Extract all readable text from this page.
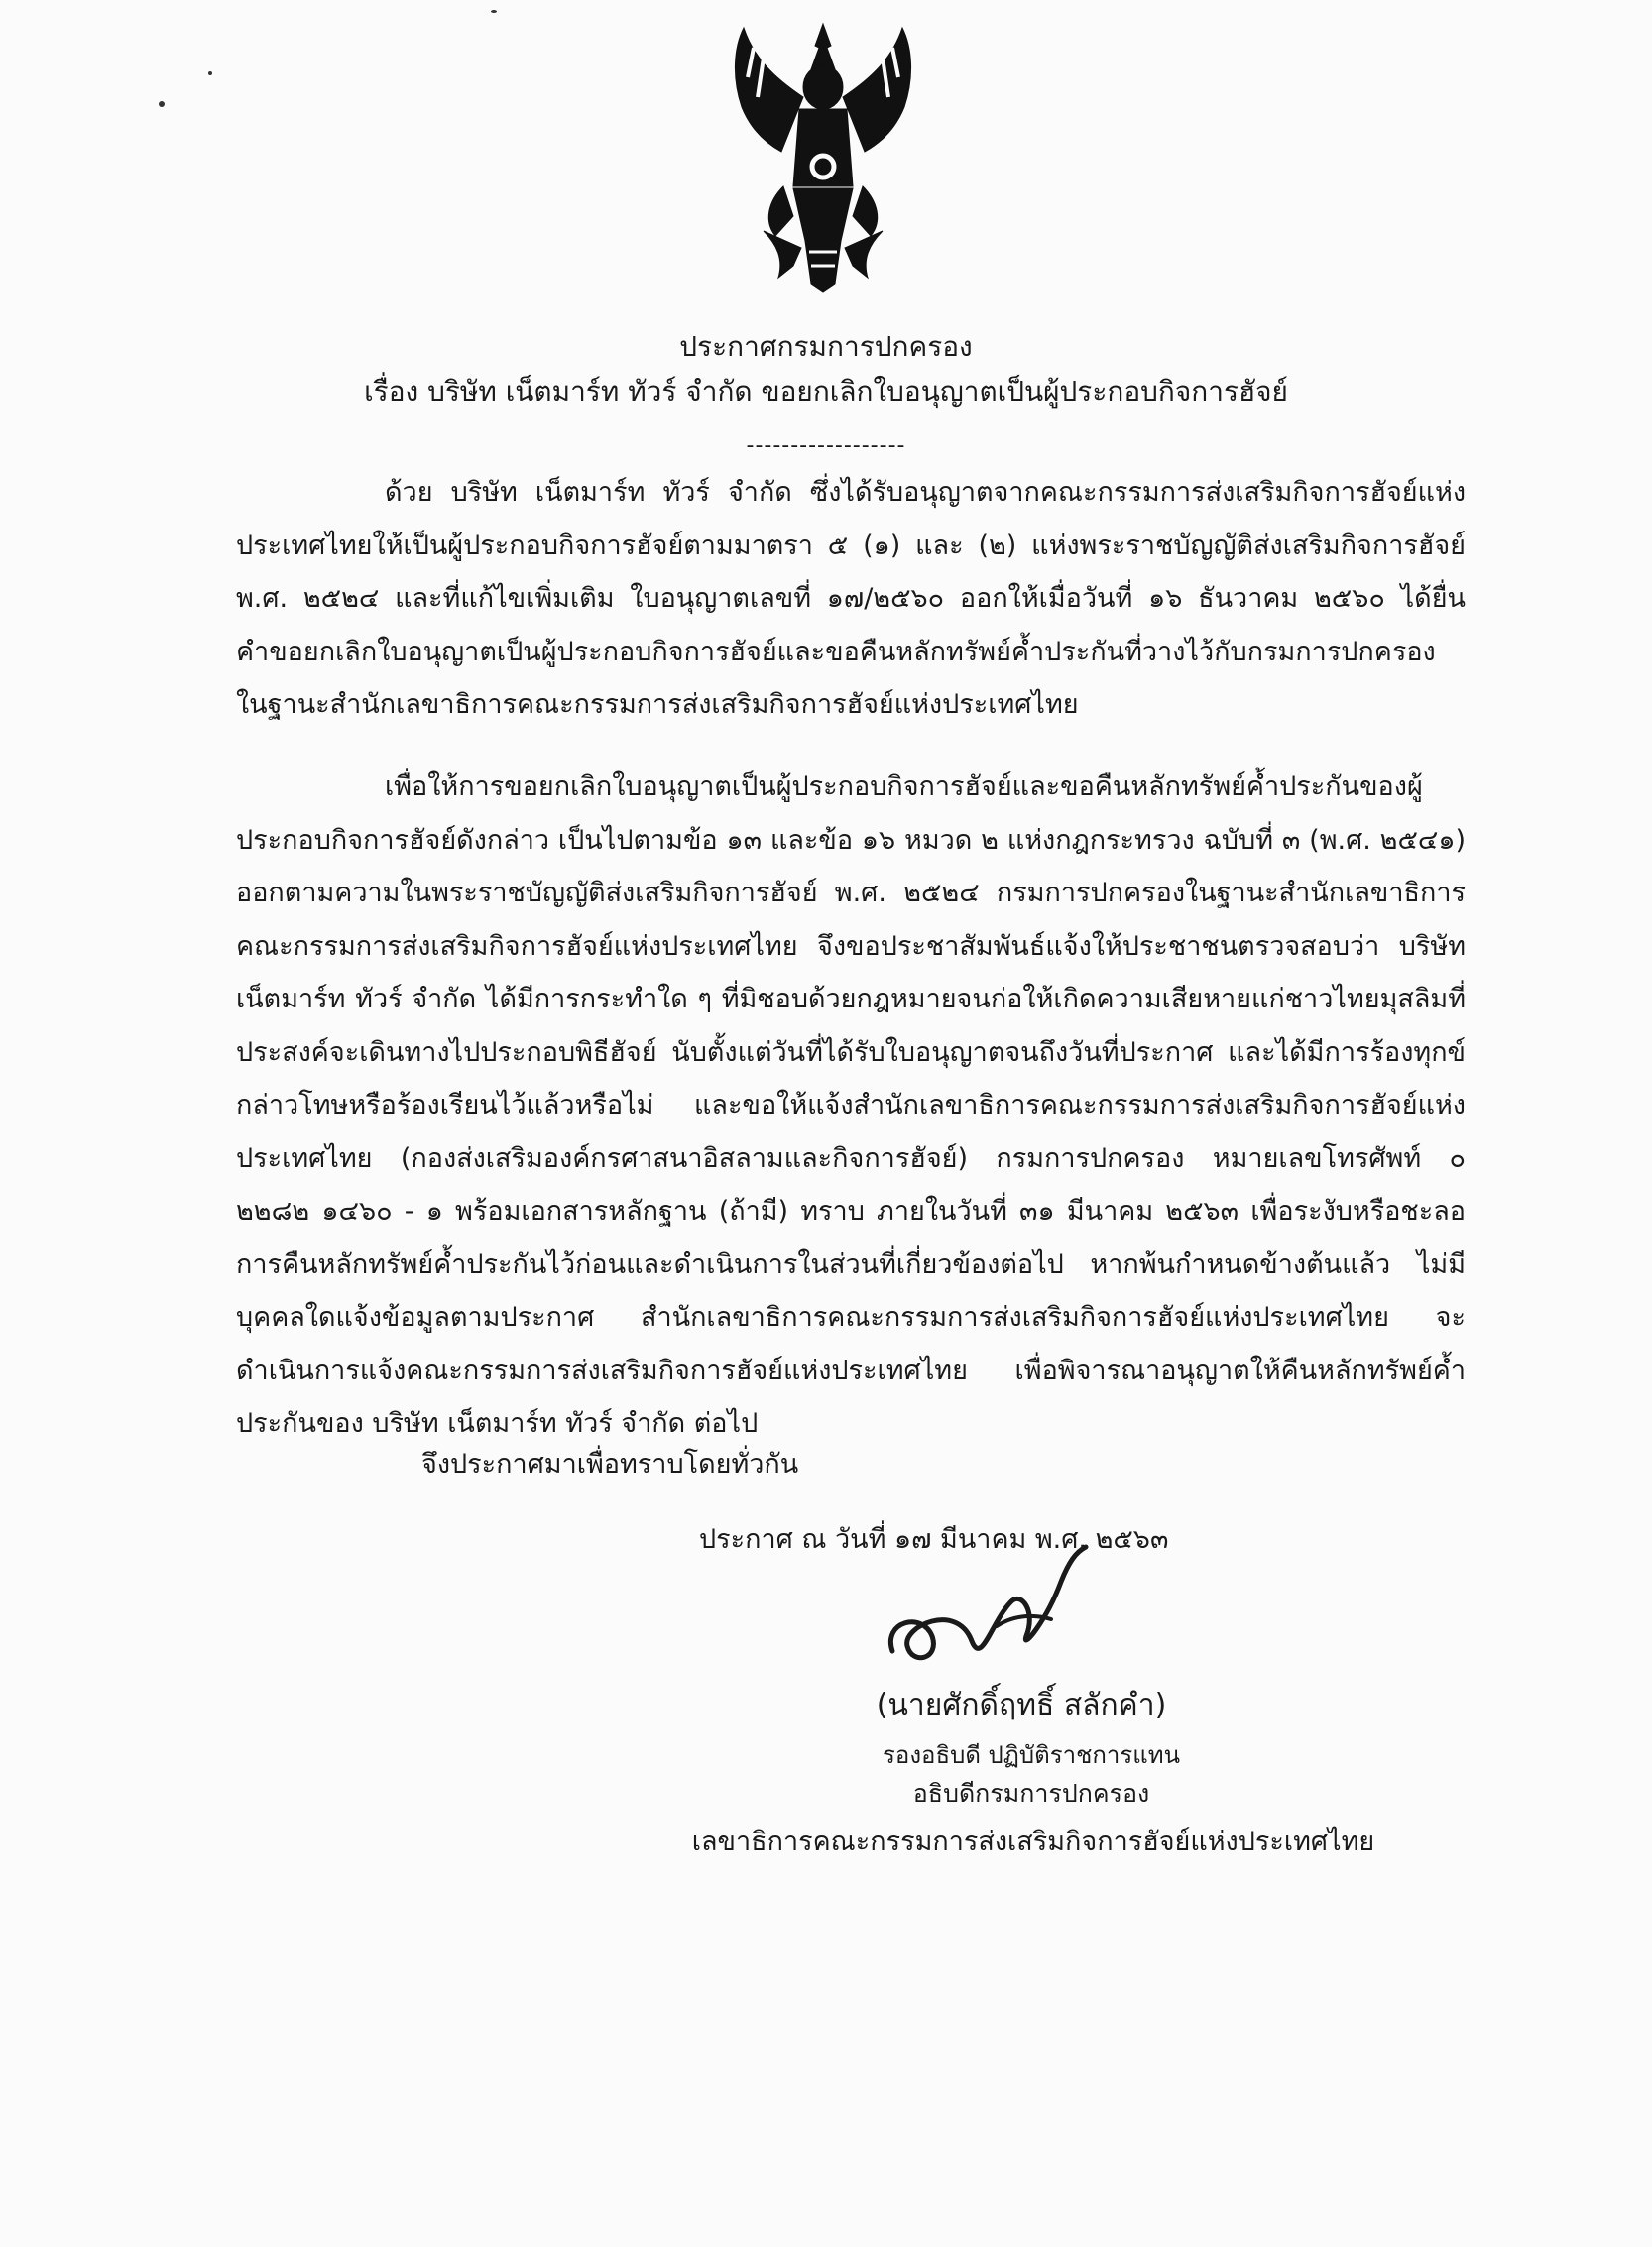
ประกาศกรมการปกครอง
เรื่อง บริษัท เน็ตมาร์ท ทัวร์ จำกัด ขอยกเลิกใบอนุญาตเป็นผู้ประกอบกิจการฮัจย์
------------------

ด้วย บริษัท เน็ตมาร์ท ทัวร์ จำกัด ซึ่งได้รับอนุญาตจากคณะกรรมการส่งเสริมกิจการฮัจย์แห่งประเทศไทยให้เป็นผู้ประกอบกิจการฮัจย์ตามมาตรา ๕ (๑) และ (๒) แห่งพระราชบัญญัติส่งเสริมกิจการฮัจย์ พ.ศ. ๒๕๒๔ และที่แก้ไขเพิ่มเติม ใบอนุญาตเลขที่ ๑๗/๒๕๖๐ ออกให้เมื่อวันที่ ๑๖ ธันวาคม ๒๕๖๐ ได้ยื่นคำขอยกเลิกใบอนุญาตเป็นผู้ประกอบกิจการฮัจย์และขอคืนหลักทรัพย์ค้ำประกันที่วางไว้กับกรมการปกครองในฐานะสำนักเลขาธิการคณะกรรมการส่งเสริมกิจการฮัจย์แห่งประเทศไทย

เพื่อให้การขอยกเลิกใบอนุญาตเป็นผู้ประกอบกิจการฮัจย์และขอคืนหลักทรัพย์ค้ำประกันของผู้ประกอบกิจการฮัจย์ดังกล่าว เป็นไปตามข้อ ๑๓ และข้อ ๑๖ หมวด ๒ แห่งกฎกระทรวง ฉบับที่ ๓ (พ.ศ. ๒๕๔๑) ออกตามความในพระราชบัญญัติส่งเสริมกิจการฮัจย์ พ.ศ. ๒๕๒๔ กรมการปกครองในฐานะสำนักเลขาธิการคณะกรรมการส่งเสริมกิจการฮัจย์แห่งประเทศไทย จึงขอประชาสัมพันธ์แจ้งให้ประชาชนตรวจสอบว่า บริษัท เน็ตมาร์ท ทัวร์ จำกัด ได้มีการกระทำใด ๆ ที่มิชอบด้วยกฎหมายจนก่อให้เกิดความเสียหายแก่ชาวไทยมุสลิมที่ประสงค์จะเดินทางไปประกอบพิธีฮัจย์ นับตั้งแต่วันที่ได้รับใบอนุญาตจนถึงวันที่ประกาศ และได้มีการร้องทุกข์กล่าวโทษหรือร้องเรียนไว้แล้วหรือไม่ และขอให้แจ้งสำนักเลขาธิการคณะกรรมการส่งเสริมกิจการฮัจย์แห่งประเทศไทย (กองส่งเสริมองค์กรศาสนาอิสลามและกิจการฮัจย์) กรมการปกครอง หมายเลขโทรศัพท์ ๐ ๒๒๘๒ ๑๔๖๐ - ๑ พร้อมเอกสารหลักฐาน (ถ้ามี) ทราบ ภายในวันที่ ๓๑ มีนาคม ๒๕๖๓ เพื่อระงับหรือชะลอการคืนหลักทรัพย์ค้ำประกันไว้ก่อนและดำเนินการในส่วนที่เกี่ยวข้องต่อไป หากพ้นกำหนดข้างต้นแล้ว ไม่มีบุคคลใดแจ้งข้อมูลตามประกาศ สำนักเลขาธิการคณะกรรมการส่งเสริมกิจการฮัจย์แห่งประเทศไทย จะดำเนินการแจ้งคณะกรรมการส่งเสริมกิจการฮัจย์แห่งประเทศไทย เพื่อพิจารณาอนุญาตให้คืนหลักทรัพย์ค้ำประกันของ บริษัท เน็ตมาร์ท ทัวร์ จำกัด ต่อไป

จึงประกาศมาเพื่อทราบโดยทั่วกัน
ประกาศ ณ วันที่ ๑๗ มีนาคม พ.ศ. ๒๕๖๓
(นายศักดิ์ฤทธิ์ สลักคำ)
รองอธิบดี ปฏิบัติราชการแทน
อธิบดีกรมการปกครอง
เลขาธิการคณะกรรมการส่งเสริมกิจการฮัจย์แห่งประเทศไทย
